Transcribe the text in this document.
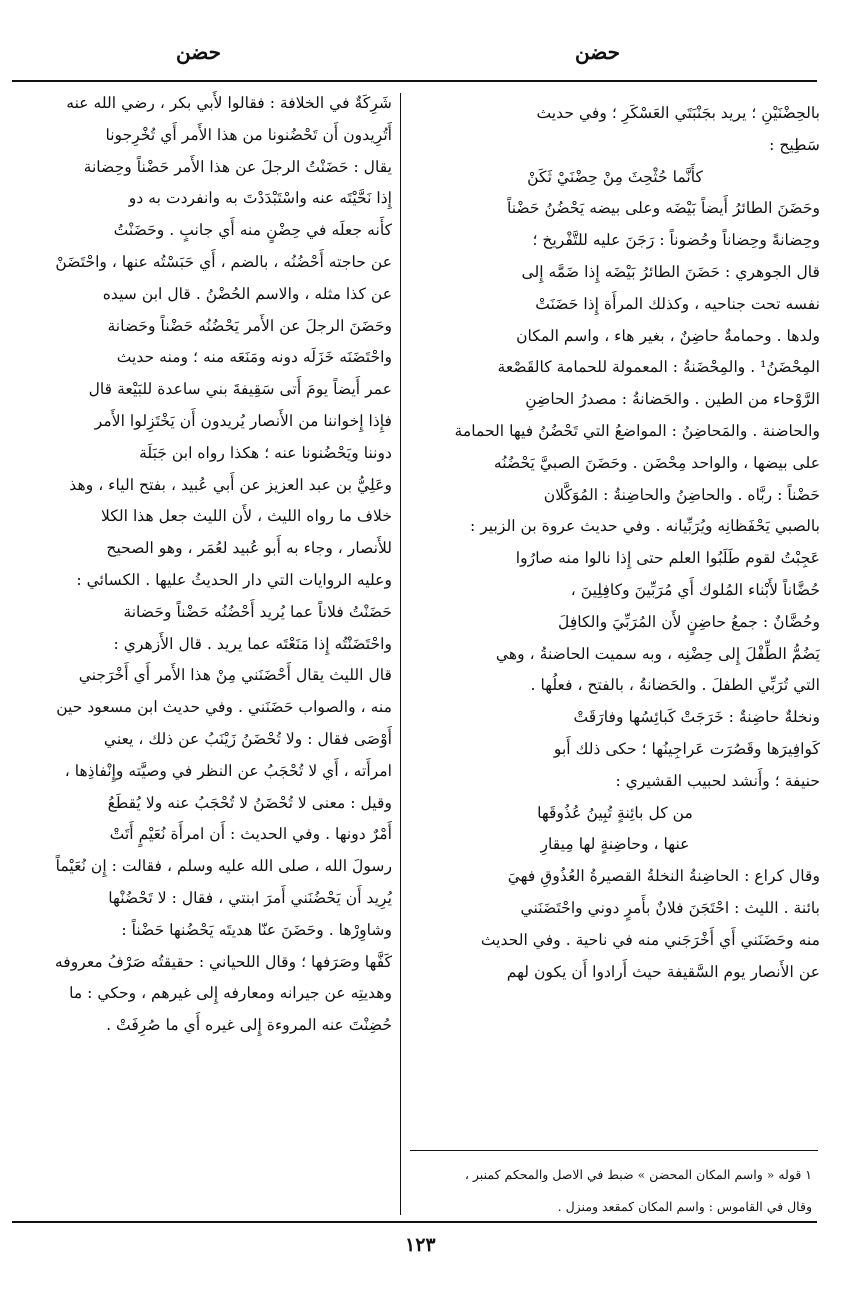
حضن
حضن

بالحِضْنَيْنِ ؛ يريد بجَنْبَتَي العَسْكَرِ ؛ وفي حديث

سَطِيح :

كأَنَّما حُثْحِثَ مِنْ حِضْنَيْ ثَكَنْ

وحَضَنَ الطائرُ أَيضاً بَيْضَه وعلى بيضه يَحْضُنُ حَضْناً

وحِضانةً وحِضاناً وحُضوناً : رَجَنَ عليه للتَّفْريخ ؛

قال الجوهري : حَضَنَ الطائرُ بَيْضَه إِذا ضَمَّه إِلى

نفسه تحت جناحيه ، وكذلك المرأَة إِذا حَضَنَتْ

ولدها . وحمامةٌ حاضِنٌ ، بغير هاء ، واسم المكان

المِحْضَنُ¹ . والمِحْضَنةُ : المعمولة للحمامة كالقَصْعة

الرَّوْحاء من الطين . والحَضانةُ : مصدرُ الحاضِنِ

والحاضنة . والمَحاضِنُ : المواضعُ التي تَحْضُنُ فيها الحمامة

على بيضها ، والواحد مِحْضَن . وحَضَنَ الصبيَّ يَحْضُنُه

حَضْناً : ربَّاه . والحاضِنُ والحاضِنةُ : المُوَكَّلان

بالصبي يَحْفَظانِه ويُرَبِّيانه . وفي حديث عروة بن الزبير :

عَجِبْتُ لقوم طَلَبُوا العلم حتى إِذا نالوا منه صارُوا

حُضَّاناً لأَبْناء المُلوك أَي مُرَبِّينَ وكافِلِينَ ،

وحُضَّانٌ : جمعُ حاضِنٍ لأَن المُرَبِّيَ والكافِلَ

يَضُمُّ الطِّفْلَ إِلى حِضْنِه ، وبه سميت الحاضنةُ ، وهي

التي تُرَبِّي الطفلَ . والحَضانةُ ، بالفتح ، فعلُها .

ونخلةٌ حاضِنةٌ : خَرَجَتْ كَبائِسُها وفارَقَتْ

كَوافِيرَها وقَصُرَت عَراجِينُها ؛ حكى ذلك أَبو

حنيفة ؛ وأَنشد لحبيب القشيري :

من كل بائِنةٍ تُبِينُ عُذُوقَها

عنها ، وحاضِنةٍ لها مِيقارِ

وقال كراع : الحاضِنةُ النخلةُ القصيرةُ العُذُوقِ فهيَ

بائنة . الليث : احْتَجَنَ فلانٌ بأَمرٍ دوني واحْتَضَنَني

منه وحَضَنَني أَي أَخْرَجَني منه في ناحية . وفي الحديث

عن الأَنصار يوم السَّقيفة حيث أَرادوا أَن يكون لهم

شَرِكَةٌ في الخلافة : فقالوا لأَبي بكر ، رضي الله عنه

أَتُرِيدون أَن تَحْضُنونا من هذا الأَمر أَي تُخْرِجونا

يقال : حَضَنْتُ الرجلَ عن هذا الأَمر حَضْناً وحِضانة

إِذا نَحَّيْتَه عنه واسْتَبْدَدْتَ به وانفردت به دو

كأَنه جعلَه في حِضْنٍ منه أَي جانبٍ . وحَضَنْتُ

عن حاجته أَحْضُنُه ، بالضم ، أَي حَبَسْتُه عنها ، واحْتَضَنْ

عن كذا مثله ، والاسم الحُضْنُ . قال ابن سيده

وحَضَنَ الرجلَ عن الأَمر يَحْضُنُه حَضْناً وحَضانة

واحْتَضَنَه خَزَلَه دونه ومَنَعَه منه ؛ ومنه حديث

عمر أَيضاً يومَ أَتى سَقِيفةَ بني ساعدة للبَيْعة قال

فإِذا إِخواننا من الأَنصار يُريدون أَن يَخْتَزِلوا الأَمر

دوننا ويَحْضُنونا عنه ؛ هكذا رواه ابن جَبَلَة

وعَلِيُّ بن عبد العزيز عن أَبي عُبيد ، بفتح الياء ، وهذ

خلاف ما رواه الليث ، لأَن الليث جعل هذا الكلا

للأَنصار ، وجاء به أَبو عُبيد لعُمَر ، وهو الصحيح

وعليه الروايات التي دار الحديثُ عليها . الكسائي :

حَضَنْتُ فلاناً عما يُريد أَحْضُنُه حَضْناً وحَضانة

واحْتَضَنْتُه إِذا مَنَعْتَه عما يريد . قال الأَزهري :

قال الليث يقال أَحْضَنَني مِنْ هذا الأَمر أَي أَخْرَجني

منه ، والصواب حَضَنَني . وفي حديث ابن مسعود حين

أَوْصَى فقال : ولا تُحْضَنُ زَيْنَبُ عن ذلك ، يعني

امرأَته ، أَي لا تُحْجَبُ عن النظر في وصيَّته وإِنْفاذِها ،

وقيل : معنى لا تُحْضَنُ لا تُحْجَبُ عنه ولا يُقطَعُ

أَمْرٌ دونها . وفي الحديث : أَن امرأَة نُعَيْمٍ أَتَتْ

رسولَ الله ، صلى الله عليه وسلم ، فقالت : إِن نُعَيْماً

يُرِيد أَن يَحْضُنَني أَمرَ ابنتي ، فقال : لا تَحْضُنْها

وشاوِرْها . وحَضَنَ عنّا هديتَه يَحْضُنها حَضْناً :

كَفَّها وصَرَفها ؛ وقال اللحياني : حقيقتُه صَرْفُ معروفه

وهديتِه عن جيرانه ومعارفه إِلى غيرهم ، وحكي : ما

حُضِنْتَ عنه المروءة إِلى غيره أَي ما صُرِفَتْ .

١ قوله « واسم المكان المحضن » ضبط في الاصل والمحكم كمنبر ،

وقال في القاموس : واسم المكان كمقعد ومنزل .

١٢٣
